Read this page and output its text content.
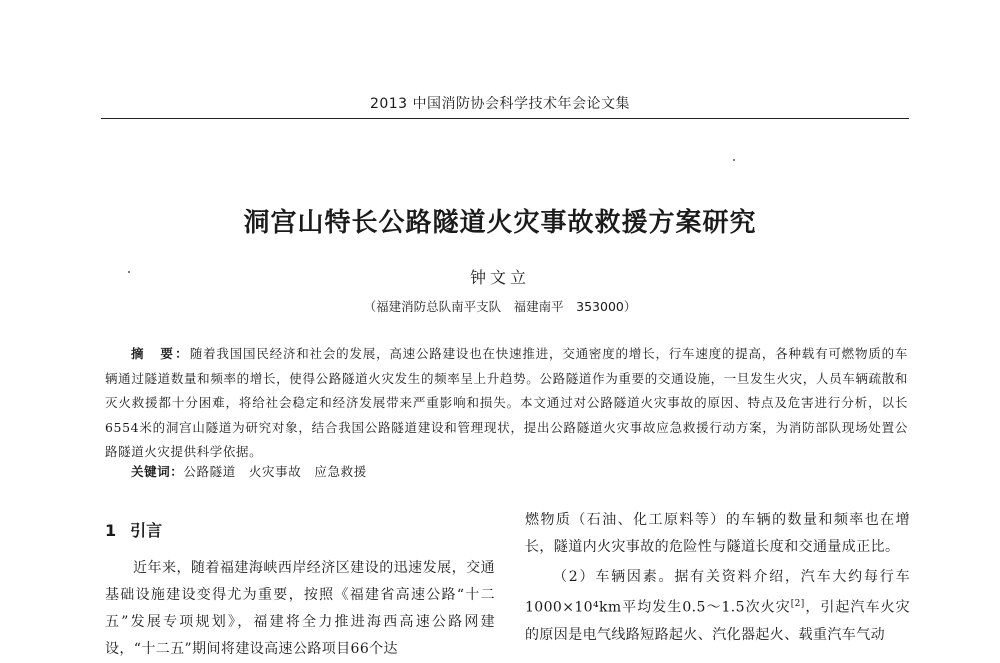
2013 中国消防协会科学技术年会论文集
洞宫山特长公路隧道火灾事故救援方案研究
钟文立
（福建消防总队南平支队　福建南平　353000）

摘　要：随着我国国民经济和社会的发展，高速公路建设也在快速推进，交通密度的增长，行车速度的提高，各种载有可燃物质的车辆通过隧道数量和频率的增长，使得公路隧道火灾发生的频率呈上升趋势。公路隧道作为重要的交通设施，一旦发生火灾，人员车辆疏散和灭火救援都十分困难，将给社会稳定和经济发展带来严重影响和损失。本文通过对公路隧道火灾事故的原因、特点及危害进行分析，以长6554米的洞宫山隧道为研究对象，结合我国公路隧道建设和管理现状，提出公路隧道火灾事故应急救援行动方案，为消防部队现场处置公路隧道火灾提供科学依据。

关键词：公路隧道　火灾事故　应急救援
1 引言

近年来，随着福建海峡西岸经济区建设的迅速发展，交通基础设施建设变得尤为重要，按照《福建省高速公路“十二五”发展专项规划》，福建将全力推进海西高速公路网建设，“十二五”期间将建设高速公路项目66个达

燃物质（石油、化工原料等）的车辆的数量和频率也在增长，隧道内火灾事故的危险性与隧道长度和交通量成正比。

（2）车辆因素。据有关资料介绍，汽车大约每行车1000×10⁴km平均发生0.5～1.5次火灾[2]，引起汽车火灾的原因是电气线路短路起火、汽化器起火、载重汽车气动
